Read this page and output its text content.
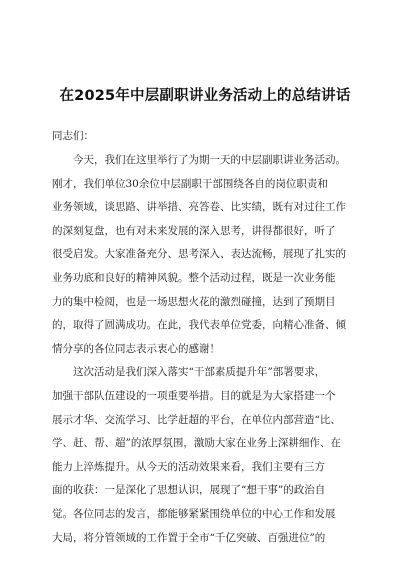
在2025年中层副职讲业务活动上的总结讲话
同志们：
今天，我们在这里举行了为期一天的中层副职讲业务活动。
刚才，我们单位30余位中层副职干部围绕各自的岗位职责和
业务领域，谈思路、讲举措、亮答卷、比实绩，既有对过往工作
的深刻复盘，也有对未来发展的深入思考，讲得都很好，听了
很受启发。大家准备充分、思考深入、表达流畅，展现了扎实的
业务功底和良好的精神风貌。整个活动过程，既是一次业务能
力的集中检阅，也是一场思想火花的激烈碰撞，达到了预期目
的，取得了圆满成功。在此，我代表单位党委，向精心准备、倾
情分享的各位同志表示衷心的感谢！
这次活动是我们深入落实“干部素质提升年”部署要求，
加强干部队伍建设的一项重要举措。目的就是为大家搭建一个
展示才华、交流学习、比学赶超的平台，在单位内部营造“比、
学、赶、帮、超”的浓厚氛围，激励大家在业务上深耕细作、在
能力上淬炼提升。从今天的活动效果来看，我们主要有三方
面的收获：一是深化了思想认识，展现了“想干事”的政治自
觉。各位同志的发言，都能够紧紧围绕单位的中心工作和发展
大局，将分管领域的工作置于全市“千亿突破、百强进位”的
